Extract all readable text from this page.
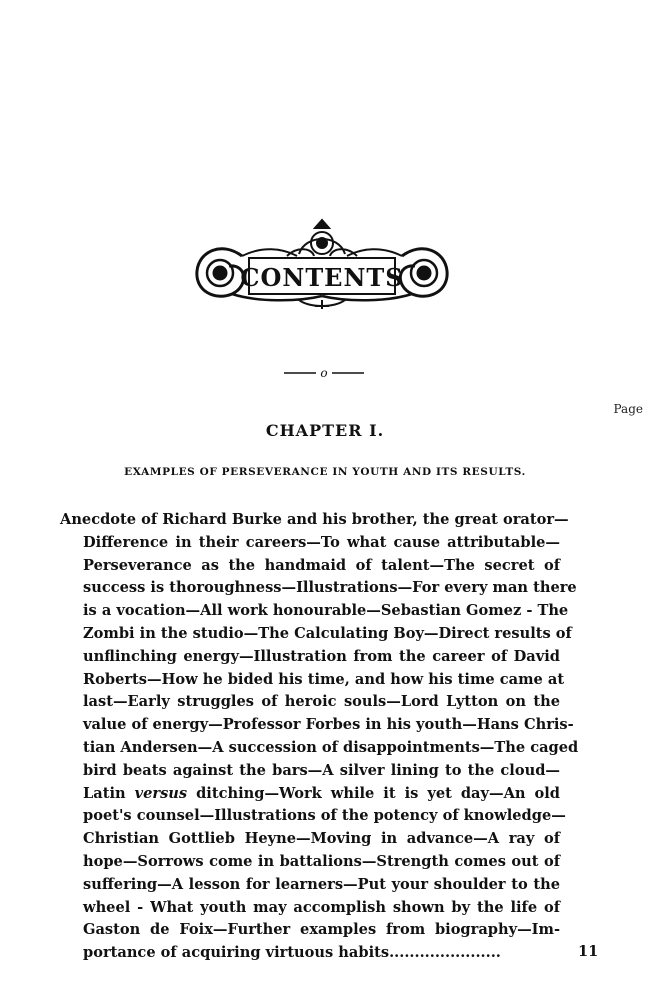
CONTENTS
o
Page
CHAPTER I.
EXAMPLES OF PERSEVERANCE IN YOUTH AND ITS RESULTS.
Anecdote of Richard Burke and his brother, the great orator—
Difference in their careers—To what cause attributable—
Perseverance as the handmaid of talent—The secret of
success is thoroughness—Illustrations—For every man there
is a vocation—All work honourable—Sebastian Gomez - The
Zombi in the studio—The Calculating Boy—Direct results of
unflinching energy—Illustration from the career of David
Roberts—How he bided his time, and how his time came at
last—Early struggles of heroic souls—Lord Lytton on the
value of energy—Professor Forbes in his youth—Hans Chris-
tian Andersen—A succession of disappointments—The caged
bird beats against the bars—A silver lining to the cloud—
Latin versus ditching—Work while it is yet day—An old
poet's counsel—Illustrations of the potency of knowledge—
Christian Gottlieb Heyne—Moving in advance—A ray of
hope—Sorrows come in battalions—Strength comes out of
suffering—A lesson for learners—Put your shoulder to the
wheel - What youth may accomplish shown by the life of
Gaston de Foix—Further examples from biography—Im-
portance of acquiring virtuous habits......................	11
